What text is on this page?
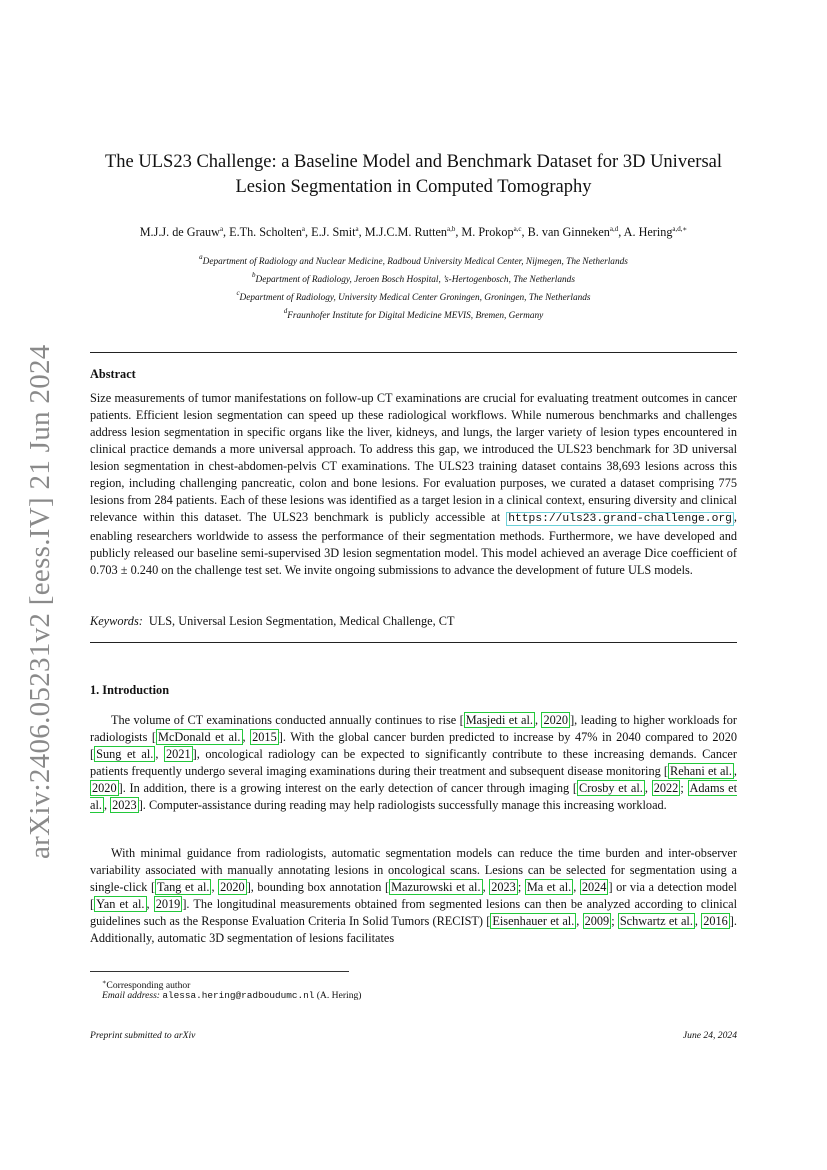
arXiv:2406.05231v2 [eess.IV] 21 Jun 2024
The ULS23 Challenge: a Baseline Model and Benchmark Dataset for 3D Universal Lesion Segmentation in Computed Tomography
M.J.J. de Grauw$^a$, E.Th. Scholten$^a$, E.J. Smit$^a$, M.J.C.M. Rutten$^{a,b}$, M. Prokop$^{a,c}$, B. van Ginneken$^{a,d}$, A. Hering$^{a,d,∗}$
$^a$Department of Radiology and Nuclear Medicine, Radboud University Medical Center, Nijmegen, The Netherlands
$^b$Department of Radiology, Jeroen Bosch Hospital, ’s-Hertogenbosch, The Netherlands
$^c$Department of Radiology, University Medical Center Groningen, Groningen, The Netherlands
$^d$Fraunhofer Institute for Digital Medicine MEVIS, Bremen, Germany
Abstract
Size measurements of tumor manifestations on follow-up CT examinations are crucial for evaluating treatment outcomes in cancer patients. Efficient lesion segmentation can speed up these radiological workflows. While numerous benchmarks and challenges address lesion segmentation in specific organs like the liver, kidneys, and lungs, the larger variety of lesion types encountered in clinical practice demands a more universal approach. To address this gap, we introduced the ULS23 benchmark for 3D universal lesion segmentation in chest-abdomen-pelvis CT examinations. The ULS23 training dataset contains 38,693 lesions across this region, including challenging pancreatic, colon and bone lesions. For evaluation purposes, we curated a dataset comprising 775 lesions from 284 patients. Each of these lesions was identified as a target lesion in a clinical context, ensuring diversity and clinical relevance within this dataset. The ULS23 benchmark is publicly accessible at https://uls23.grand-challenge.org , enabling researchers worldwide to assess the performance of their segmentation methods. Furthermore, we have developed and publicly released our baseline semi-supervised 3D lesion segmentation model. This model achieved an average Dice coefficient of 0.703 ± 0.240 on the challenge test set. We invite ongoing submissions to advance the development of future ULS models.
Keywords: ULS, Universal Lesion Segmentation, Medical Challenge, CT
1. Introduction
The volume of CT examinations conducted annually continues to rise [ Masjedi et al. , 2020 ], leading to higher workloads for radiologists [ McDonald et al. , 2015 ]. With the global cancer burden predicted to increase by 47% in 2040 compared to 2020 [ Sung et al. , 2021 ], oncological radiology can be expected to significantly contribute to these increasing demands. Cancer patients frequently undergo several imaging examinations during their treatment and subsequent disease monitoring [ Rehani et al. , 2020 ]. In addition, there is a growing interest on the early detection of cancer through imaging [ Crosby et al. , 2022 ; Adams et al. , 2023 ]. Computer-assistance during reading may help radiologists successfully manage this increasing workload.
With minimal guidance from radiologists, automatic segmentation models can reduce the time burden and inter-observer variability associated with manually annotating lesions in oncological scans. Lesions can be selected for segmentation using a single-click [ Tang et al. , 2020 ], bounding box annotation [ Mazurowski et al. , 2023 ; Ma et al. , 2024 ] or via a detection model [ Yan et al. , 2019 ]. The longitudinal measurements obtained from segmented lesions can then be analyzed according to clinical guidelines such as the Response Evaluation Criteria In Solid Tumors (RECIST) [ Eisenhauer et al. , 2009 ; Schwartz et al. , 2016 ]. Additionally, automatic 3D segmentation of lesions facilitates
∗Corresponding author
Email address: alessa.hering@radboudumc.nl (A. Hering)
Preprint submitted to arXiv	June 24, 2024
